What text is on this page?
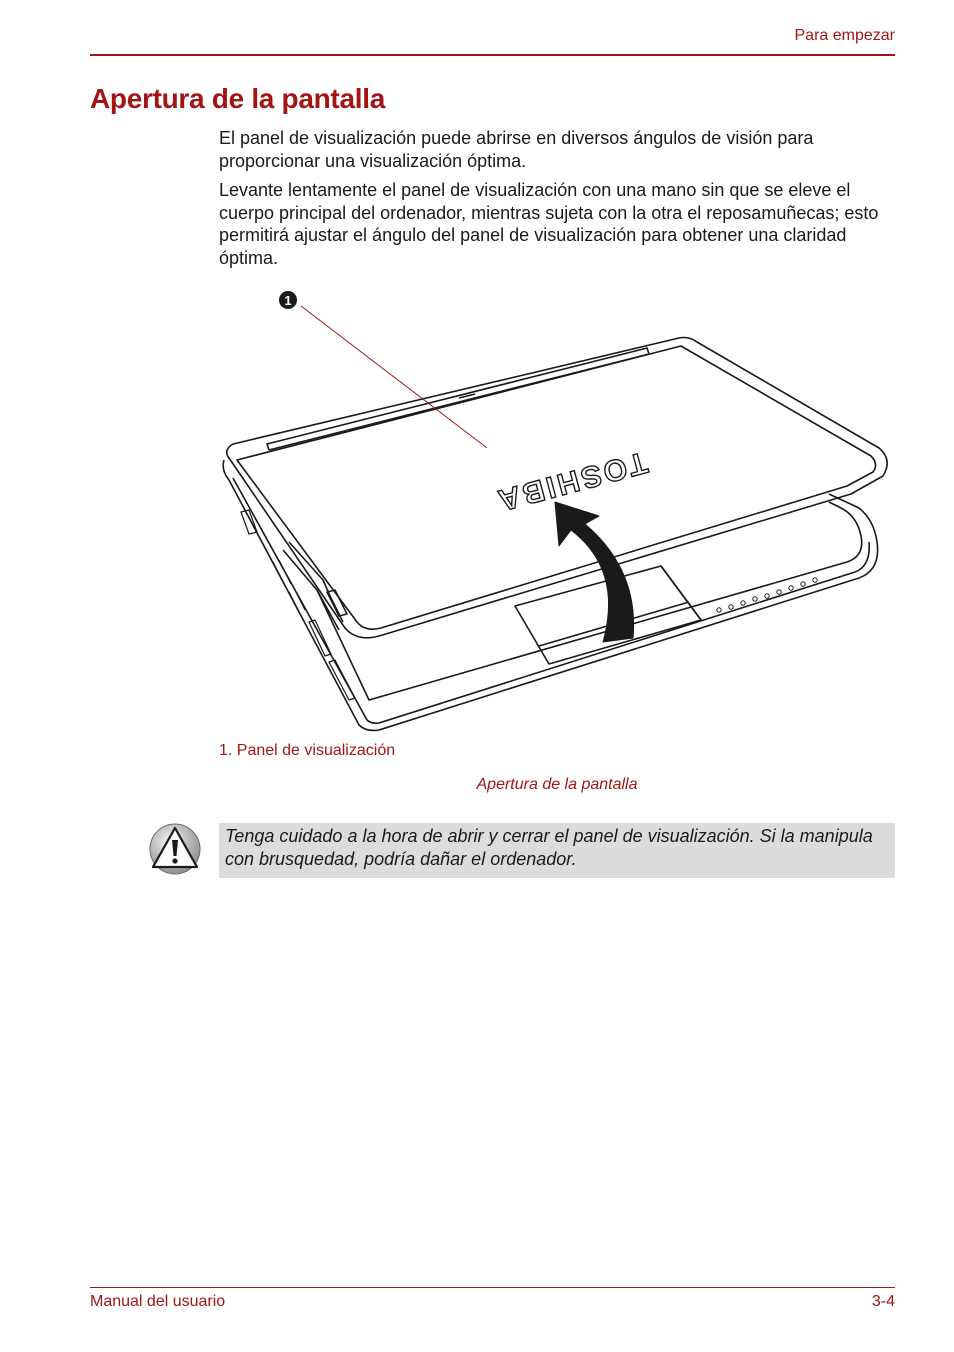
Para empezar
Apertura de la pantalla

El panel de visualización puede abrirse en diversos ángulos de visión para proporcionar una visualización óptima.

Levante lentamente el panel de visualización con una mano sin que se eleve el cuerpo principal del ordenador, mientras sujeta con la otra el reposamuñecas; esto permitirá ajustar el ángulo del panel de visualización para obtener una claridad óptima.

TOSHIBA
1
1. Panel de visualización
Apertura de la pantalla

Tenga cuidado a la hora de abrir y cerrar el panel de visualización. Si la manipula con brusquedad, podría dañar el ordenador.

Manual del usuario	3-4
